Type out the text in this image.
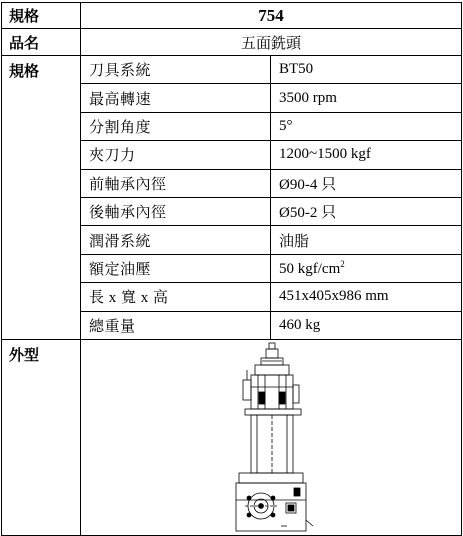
規格	754	
品名	五面銑頭	
規格	刀具系統	BT50
	最高轉速	3500 rpm
	分割角度	5°
	夾刀力	1200~1500 kgf
	前軸承內徑	Ø90-4 只
	後軸承內徑	Ø50-2 只
	潤滑系統	油脂
	額定油壓	50 kgf/$cm^2$
	長 x 寬 x 高	451x405x986 mm
	總重量	460 kg
外型	
